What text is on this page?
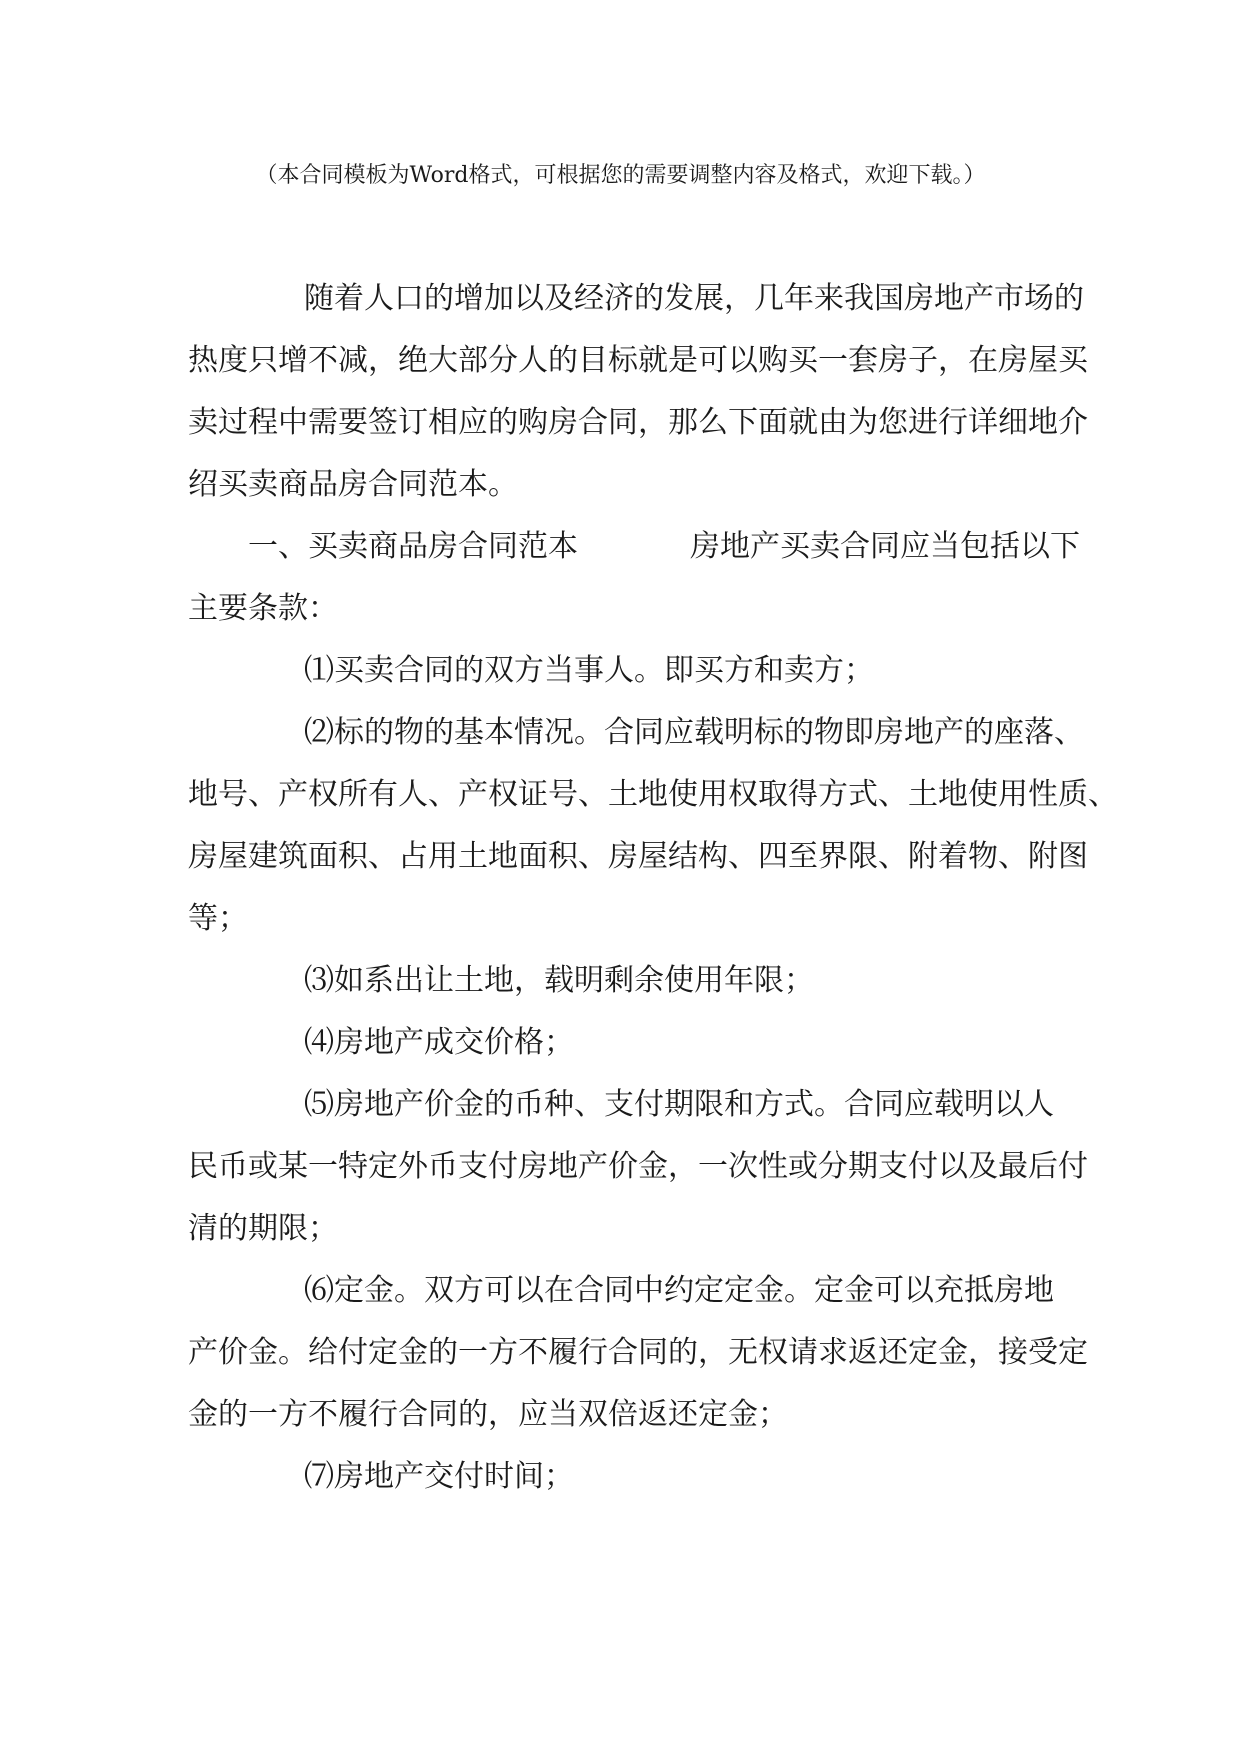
（本合同模板为Word格式，可根据您的需要调整内容及格式，欢迎下载。）
随着人口的增加以及经济的发展，几年来我国房地产市场的
热度只增不减，绝大部分人的目标就是可以购买一套房子，在房屋买
卖过程中需要签订相应的购房合同，那么下面就由为您进行详细地介
绍买卖商品房合同范本。
一、买卖商品房合同范本	房地产买卖合同应当包括以下
主要条款：
⑴买卖合同的双方当事人。即买方和卖方；
⑵标的物的基本情况。合同应载明标的物即房地产的座落、
地号、产权所有人、产权证号、土地使用权取得方式、土地使用性质、
房屋建筑面积、占用土地面积、房屋结构、四至界限、附着物、附图
等；
⑶如系出让土地，载明剩余使用年限；
⑷房地产成交价格；
⑸房地产价金的币种、支付期限和方式。合同应载明以人
民币或某一特定外币支付房地产价金，一次性或分期支付以及最后付
清的期限；
⑹定金。双方可以在合同中约定定金。定金可以充抵房地
产价金。给付定金的一方不履行合同的，无权请求返还定金，接受定
金的一方不履行合同的，应当双倍返还定金；
⑺房地产交付时间；
